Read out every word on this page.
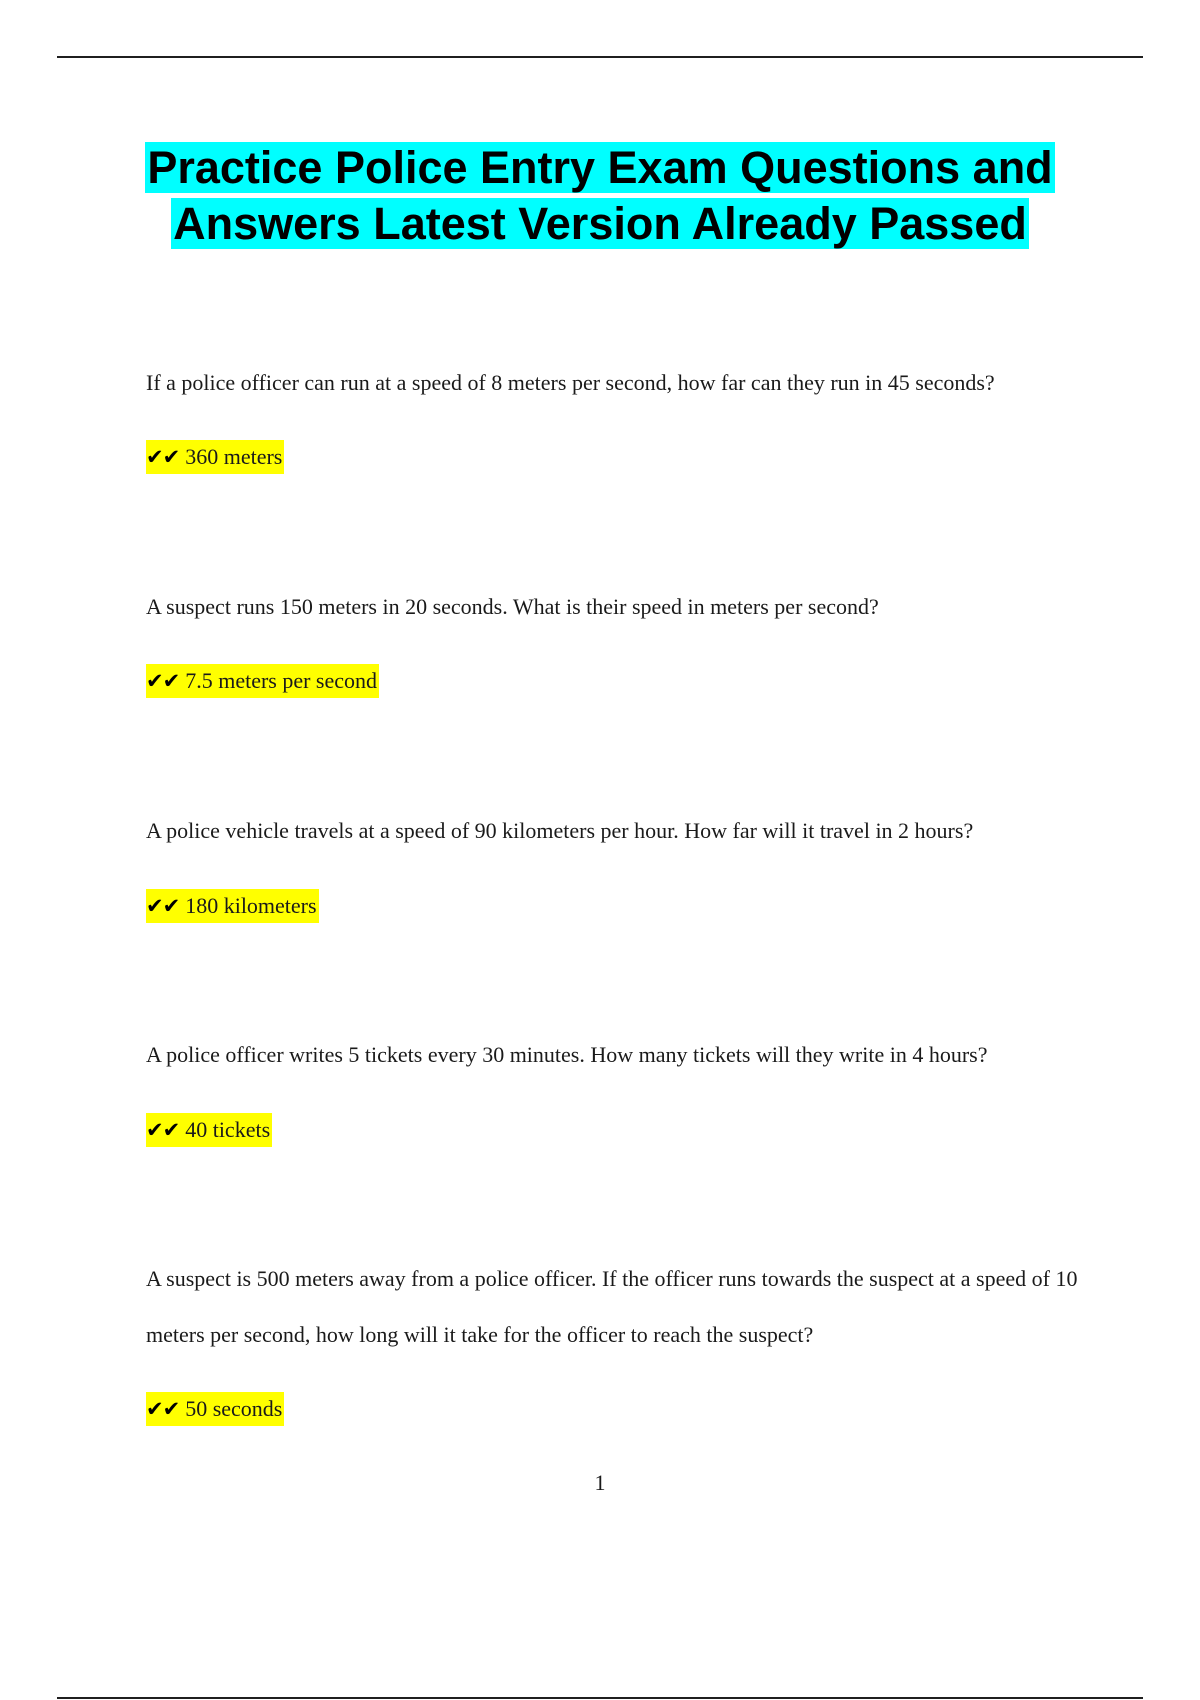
Practice Police Entry Exam Questions and Answers Latest Version Already Passed

If a police officer can run at a speed of 8 meters per second, how far can they run in 45 seconds?

✔✔ 360 meters

A suspect runs 150 meters in 20 seconds. What is their speed in meters per second?

✔✔ 7.5 meters per second

A police vehicle travels at a speed of 90 kilometers per hour. How far will it travel in 2 hours?

✔✔ 180 kilometers

A police officer writes 5 tickets every 30 minutes. How many tickets will they write in 4 hours?

✔✔ 40 tickets

A suspect is 500 meters away from a police officer. If the officer runs towards the suspect at a speed of 10 meters per second, how long will it take for the officer to reach the suspect?

✔✔ 50 seconds
1
